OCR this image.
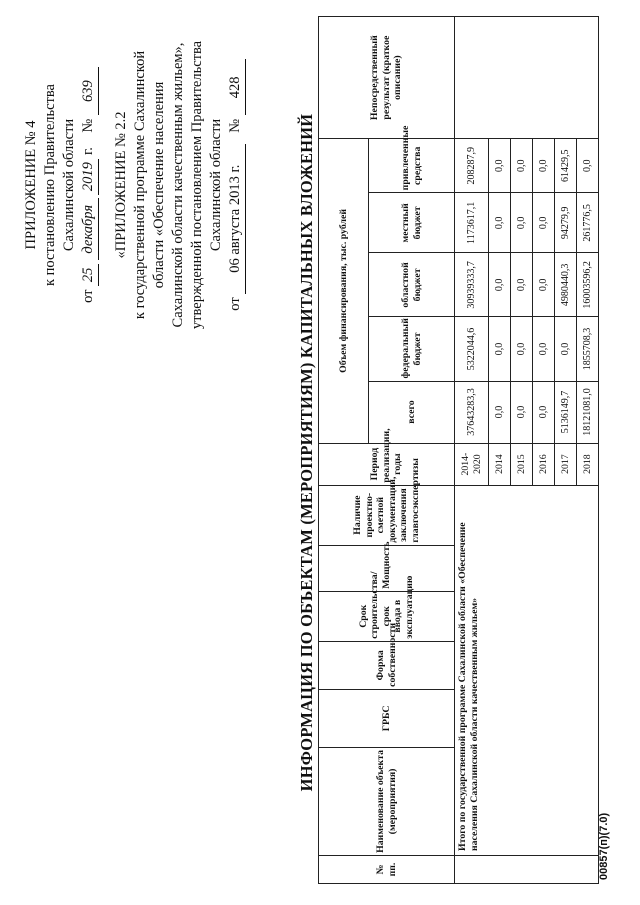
ПРИЛОЖЕНИЕ № 4 к постановлению Правительства Сахалинской области
от 25 декабря 2019 г.    № 639
«ПРИЛОЖЕНИЕ № 2.2 к государственной программе Сахалинской области «Обеспечение населения Сахалинской области качественным жильем», утвержденной постановлением Правительства Сахалинской области
от 06 августа 2013 г.   № 428
ИНФОРМАЦИЯ ПО ОБЪЕКТАМ (МЕРОПРИЯТИЯМ) КАПИТАЛЬНЫХ ВЛОЖЕНИЙ
№ пп.	Наименование объекта (мероприятия)	ГРБС	Форма собственности	Срок строительства/срок ввода в эксплуатацию	Мощность	Наличие проектно-сметной документации, заключения главгосэкспертизы	Период реализации, годы	Объем финансирования, тыс. рублей					Непосредственный результат (краткое описание)
								всего	федеральный бюджет	областной бюджет	местный бюджет	привлеченные средства	
	Итого по государственной программе Сахалинской области «Обеспечение населения Сахалинской области качественным жильем»						2014-2020	37643283,3	5322044,6	30939333,7	1173617,1	208287,9	
							2014	0,0	0,0	0,0	0,0	0,0	
							2015	0,0	0,0	0,0	0,0	0,0	
							2016	0,0	0,0	0,0	0,0	0,0	
							2017	5136149,7	0,0	4980440,3	94279,9	61429,5	
							2018	18121081,0	1855708,3	16003596,2	261776,5	0,0	
00857(п)(7.0)
